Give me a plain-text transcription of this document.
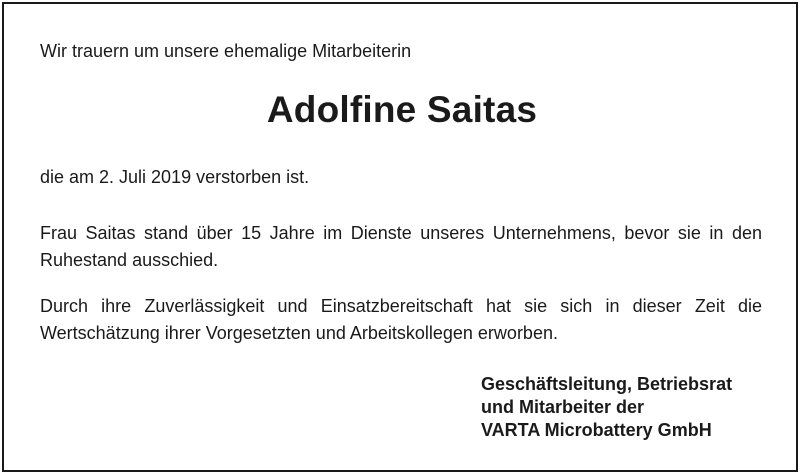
Wir trauern um unsere ehemalige Mitarbeiterin
Adolfine Saitas
die am 2. Juli 2019 verstorben ist.
Frau Saitas stand über 15 Jahre im Dienste unseres Unternehmens, bevor sie in den Ruhestand ausschied.
Durch ihre Zuverlässigkeit und Einsatzbereitschaft hat sie sich in dieser Zeit die Wertschätzung ihrer Vorgesetzten und Arbeitskollegen erworben.
Geschäftsleitung, Betriebsrat
und Mitarbeiter der
VARTA Microbattery GmbH
